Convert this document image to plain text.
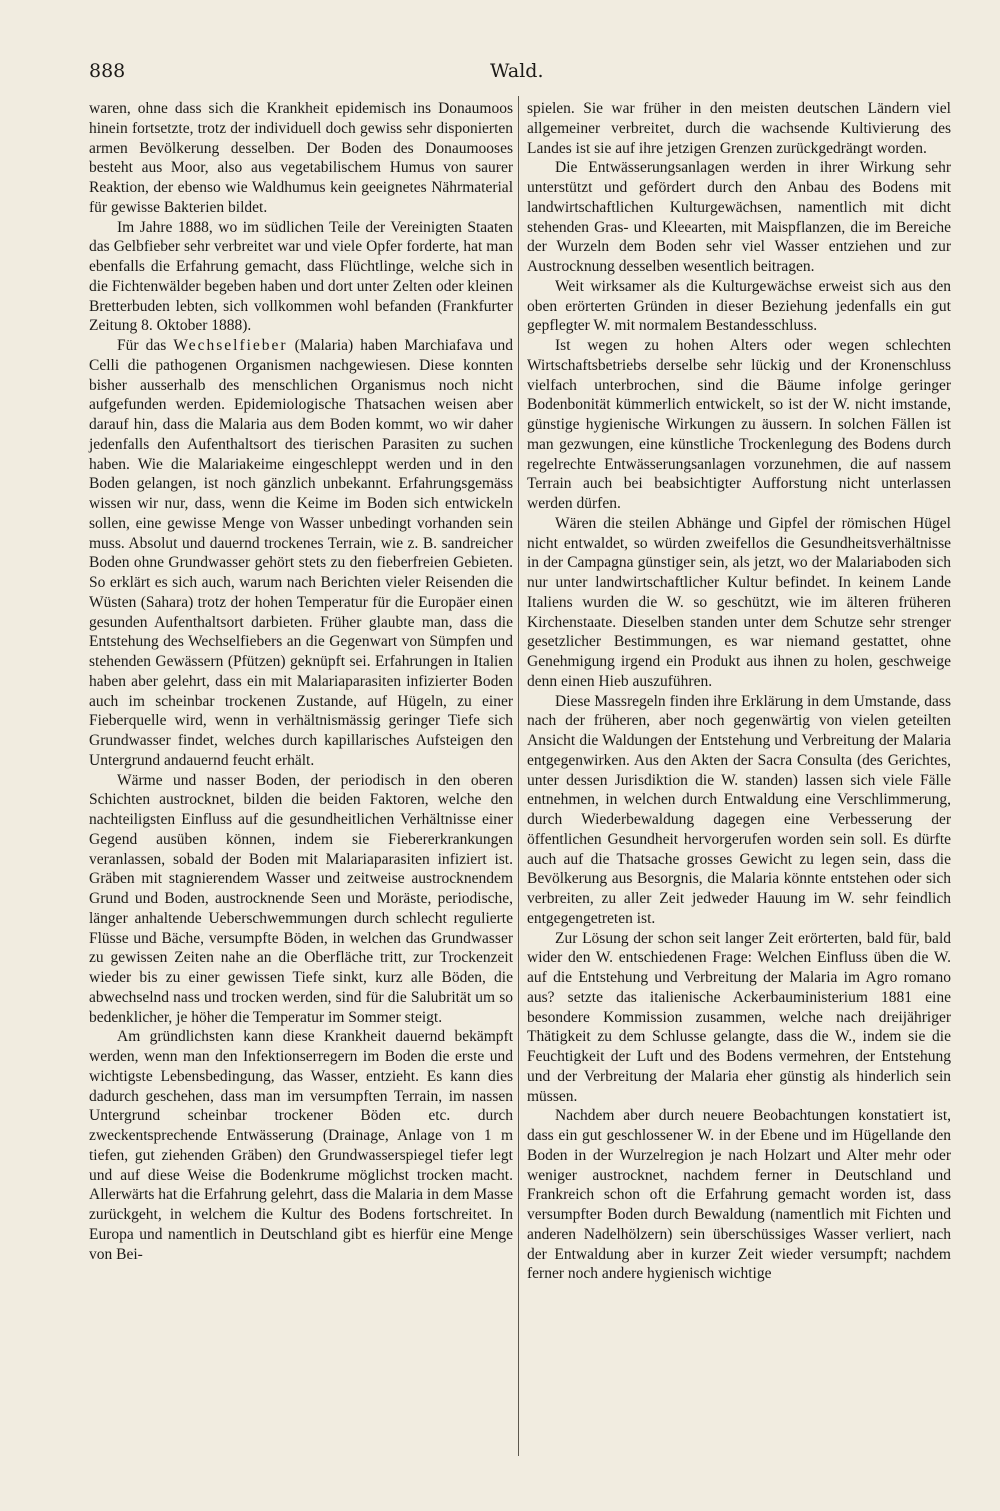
888	Wald.

waren, ohne dass sich die Krankheit epidemisch ins Donaumoos hinein fortsetzte, trotz der individuell doch gewiss sehr disponierten armen Bevölkerung desselben. Der Boden des Donaumooses besteht aus Moor, also aus vegetabilischem Humus von saurer Reaktion, der ebenso wie Waldhumus kein geeignetes Nährmaterial für gewisse Bakterien bildet.

Im Jahre 1888, wo im südlichen Teile der Vereinigten Staaten das Gelbfieber sehr verbreitet war und viele Opfer forderte, hat man ebenfalls die Erfahrung gemacht, dass Flüchtlinge, welche sich in die Fichtenwälder begeben haben und dort unter Zelten oder kleinen Bretterbuden lebten, sich vollkommen wohl befanden (Frankfurter Zeitung 8. Oktober 1888).

Für das Wechselfieber (Malaria) haben Marchiafava und Celli die pathogenen Organismen nachgewiesen. Diese konnten bisher ausserhalb des menschlichen Organismus noch nicht aufgefunden werden. Epidemiologische Thatsachen weisen aber darauf hin, dass die Malaria aus dem Boden kommt, wo wir daher jedenfalls den Aufenthaltsort des tierischen Parasiten zu suchen haben. Wie die Malariakeime eingeschleppt werden und in den Boden gelangen, ist noch gänzlich unbekannt. Erfahrungsgemäss wissen wir nur, dass, wenn die Keime im Boden sich entwickeln sollen, eine gewisse Menge von Wasser unbedingt vorhanden sein muss. Absolut und dauernd trockenes Terrain, wie z. B. sandreicher Boden ohne Grundwasser gehört stets zu den fieberfreien Gebieten. So erklärt es sich auch, warum nach Berichten vieler Reisenden die Wüsten (Sahara) trotz der hohen Temperatur für die Europäer einen gesunden Aufenthaltsort darbieten. Früher glaubte man, dass die Entstehung des Wechselfiebers an die Gegenwart von Sümpfen und stehenden Gewässern (Pfützen) geknüpft sei. Erfahrungen in Italien haben aber gelehrt, dass ein mit Malariaparasiten infizierter Boden auch im scheinbar trockenen Zustande, auf Hügeln, zu einer Fieberquelle wird, wenn in verhältnismässig geringer Tiefe sich Grundwasser findet, welches durch kapillarisches Aufsteigen den Untergrund andauernd feucht erhält.

Wärme und nasser Boden, der periodisch in den oberen Schichten austrocknet, bilden die beiden Faktoren, welche den nachteiligsten Einfluss auf die gesundheitlichen Verhältnisse einer Gegend ausüben können, indem sie Fiebererkrankungen veranlassen, sobald der Boden mit Malariaparasiten infiziert ist. Gräben mit stagnierendem Wasser und zeitweise austrocknendem Grund und Boden, austrocknende Seen und Moräste, periodische, länger anhaltende Ueberschwemmungen durch schlecht regulierte Flüsse und Bäche, versumpfte Böden, in welchen das Grundwasser zu gewissen Zeiten nahe an die Oberfläche tritt, zur Trockenzeit wieder bis zu einer gewissen Tiefe sinkt, kurz alle Böden, die abwechselnd nass und trocken werden, sind für die Salubrität um so bedenklicher, je höher die Temperatur im Sommer steigt.

Am gründlichsten kann diese Krankheit dauernd bekämpft werden, wenn man den Infektionserregern im Boden die erste und wichtigste Lebensbedingung, das Wasser, entzieht. Es kann dies dadurch geschehen, dass man im versumpften Terrain, im nassen Untergrund scheinbar trockener Böden etc. durch zweckentsprechende Entwässerung (Drainage, Anlage von 1 m tiefen, gut ziehenden Gräben) den Grundwasserspiegel tiefer legt und auf diese Weise die Bodenkrume möglichst trocken macht. Allerwärts hat die Erfahrung gelehrt, dass die Malaria in dem Masse zurückgeht, in welchem die Kultur des Bodens fortschreitet. In Europa und namentlich in Deutschland gibt es hierfür eine Menge von Bei-

spielen. Sie war früher in den meisten deutschen Ländern viel allgemeiner verbreitet, durch die wachsende Kultivierung des Landes ist sie auf ihre jetzigen Grenzen zurückgedrängt worden.

Die Entwässerungsanlagen werden in ihrer Wirkung sehr unterstützt und gefördert durch den Anbau des Bodens mit landwirtschaftlichen Kulturgewächsen, namentlich mit dicht stehenden Gras- und Kleearten, mit Maispflanzen, die im Bereiche der Wurzeln dem Boden sehr viel Wasser entziehen und zur Austrocknung desselben wesentlich beitragen.

Weit wirksamer als die Kulturgewächse erweist sich aus den oben erörterten Gründen in dieser Beziehung jedenfalls ein gut gepflegter W. mit normalem Bestandesschluss.

Ist wegen zu hohen Alters oder wegen schlechten Wirtschaftsbetriebs derselbe sehr lückig und der Kronenschluss vielfach unterbrochen, sind die Bäume infolge geringer Bodenbonität kümmerlich entwickelt, so ist der W. nicht imstande, günstige hygienische Wirkungen zu äussern. In solchen Fällen ist man gezwungen, eine künstliche Trockenlegung des Bodens durch regelrechte Entwässerungsanlagen vorzunehmen, die auf nassem Terrain auch bei beabsichtigter Aufforstung nicht unterlassen werden dürfen.

Wären die steilen Abhänge und Gipfel der römischen Hügel nicht entwaldet, so würden zweifellos die Gesundheitsverhältnisse in der Campagna günstiger sein, als jetzt, wo der Malariaboden sich nur unter landwirtschaftlicher Kultur befindet. In keinem Lande Italiens wurden die W. so geschützt, wie im älteren früheren Kirchenstaate. Dieselben standen unter dem Schutze sehr strenger gesetzlicher Bestimmungen, es war niemand gestattet, ohne Genehmigung irgend ein Produkt aus ihnen zu holen, geschweige denn einen Hieb auszuführen.

Diese Massregeln finden ihre Erklärung in dem Umstande, dass nach der früheren, aber noch gegenwärtig von vielen geteilten Ansicht die Waldungen der Entstehung und Verbreitung der Malaria entgegenwirken. Aus den Akten der Sacra Consulta (des Gerichtes, unter dessen Jurisdiktion die W. standen) lassen sich viele Fälle entnehmen, in welchen durch Entwaldung eine Verschlimmerung, durch Wiederbewaldung dagegen eine Verbesserung der öffentlichen Gesundheit hervorgerufen worden sein soll. Es dürfte auch auf die Thatsache grosses Gewicht zu legen sein, dass die Bevölkerung aus Besorgnis, die Malaria könnte entstehen oder sich verbreiten, zu aller Zeit jedweder Hauung im W. sehr feindlich entgegengetreten ist.

Zur Lösung der schon seit langer Zeit erörterten, bald für, bald wider den W. entschiedenen Frage: Welchen Einfluss üben die W. auf die Entstehung und Verbreitung der Malaria im Agro romano aus? setzte das italienische Ackerbauministerium 1881 eine besondere Kommission zusammen, welche nach dreijähriger Thätigkeit zu dem Schlusse gelangte, dass die W., indem sie die Feuchtigkeit der Luft und des Bodens vermehren, der Entstehung und der Verbreitung der Malaria eher günstig als hinderlich sein müssen.

Nachdem aber durch neuere Beobachtungen konstatiert ist, dass ein gut geschlossener W. in der Ebene und im Hügellande den Boden in der Wurzelregion je nach Holzart und Alter mehr oder weniger austrocknet, nachdem ferner in Deutschland und Frankreich schon oft die Erfahrung gemacht worden ist, dass versumpfter Boden durch Bewaldung (namentlich mit Fichten und anderen Nadelhölzern) sein überschüssiges Wasser verliert, nach der Entwaldung aber in kurzer Zeit wieder versumpft; nachdem ferner noch andere hygienisch wichtige
